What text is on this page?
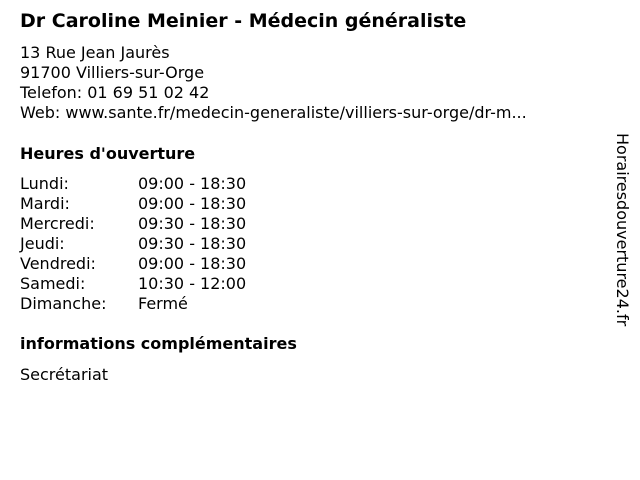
Dr Caroline Meinier - Médecin généraliste
13 Rue Jean Jaurès
91700 Villiers-sur-Orge
Telefon: 01 69 51 02 42
Web: www.sante.fr/medecin-generaliste/villiers-sur-orge/dr-m...
Heures d'ouverture
Lundi:	09:00 - 18:30
Mardi:	09:00 - 18:30
Mercredi:	09:30 - 18:30
Jeudi:	09:30 - 18:30
Vendredi:	09:00 - 18:30
Samedi:	10:30 - 12:00
Dimanche: Fermé
informations complémentaires
Secrétariat
Horairesdouverture24.fr
